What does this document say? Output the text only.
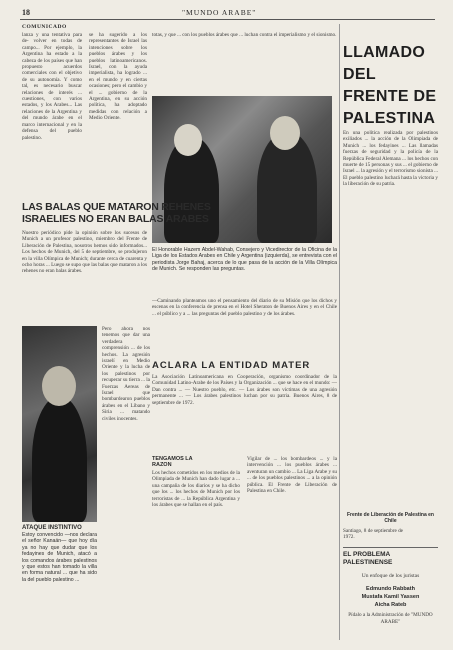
18	"MUNDO ARABE"
COMUNICADO
lanza y una tentativa para de- volver en todas de campo... Por ejemplo, la Argentina ha estado a la cabeza de los países que han propuesto acuerdos comerciales con el objetivo de su autonomía. Y como tal, es necesario buscar relaciones de interés ... cuestiones, con varios estados, y los Arabes... Las relaciones de la Argentina y del mundo árabe en el marco internacional y en la defensa del pueblo palestino.
se ha sugerido a los representantes de Israel las intenciones sobre los pueblos árabes y los pueblos latinoamericanos. Israel, con la ayuda imperialista, ha logrado ... en el mundo y en ciertas ocasiones; pero el cambio y el ... gobierno de la Argentina, en su acción política, ha adoptado medidas con relación a Medio Oriente.
totas, y que ... con los pueblos árabes que ... luchan contra el imperialismo y el sionismo.
El Honorable Hazem Abdel-Wahab, Consejero y Vicedirector de la Oficina de la Liga de los Estados Arabes en Chile y Argentina (izquierda), se entrevista con el periodista Jorge Bahaj, acerca de lo que pasa de la acción de la Villa Olímpica de Munich. Se responden las preguntas.
—Caminando planteamos uno el pensamiento del diario de su Misión que los dichos y escenas en la conferencia de prensa en el Hotel Sheraton de Buenos Aires y en el Chile ... el público y a ... las preguntas del pueblo palestino y de los árabes.
LAS BALAS QUE MATARON REHENES ISRAELIES NO ERAN BALAS ARABES
Nuestro periódico pide la opinión sobre los sucesos de Munich a un profesor palestino, miembro del Frente de Liberación de Palestina, nosotros hemos sido informados... Los hechos de Munich, del 5 de septiembre, se produjeron en la villa Olímpica de Munich; durante cerca de cuarenta y ocho horas ... Luego se supo que las balas que mataron a los rehenes no eran balas árabes.
ATAQUE INSTINTIVO
Estoy convencido —nos declara el señor Kanaán— que hoy día ya no hay que dudar que los fedayines de Munich, atacó a los comandos árabes palestinos y que estos han tomado la villa en forma natural ... que ha sido la del pueblo palestino ...
Pero ahora nos tenemos que dar una verdadera comprensión ... de los hechos. La agresión israelí en Medio Oriente y la lucha de los palestinos por recuperar su tierra ... la Fuerzas Aereas de Israel que bombardearon pueblos árabes en el Líbano y Siria ... matando civiles inocentes.
ACLARA LA ENTIDAD MATER
La Asociación Latinoamericana en Cooperación, organismo coordinador de la Comunidad Latino-Arabe de los Países y la Organización ... que se hace en el mundo: — Dan contra ... — Nuestro pueblo, etc. — Los árabes son víctimas de una agresión permanente ... — Los árabes palestinos luchan por su patria. Buenos Aires, 8 de septiembre de 1972.
TENGAMOS LA RAZON
Los hechos cometidos en los medios de la Olimpiada de Munich han dado lugar a ... una campaña de los diarios y se ha dicho que los ... los hechos de Munich por los terroristas de ... la República Argentina y los árabes que se hallan en el país.
Vigilar de ... los bombardeos ... y la intervención ... los pueblos árabes ... aventuran un cambio ... La Liga Arabe y su ... de los pueblos palestinos ... a la opinión pública. El Frente de Liberación de Palestina en Chile.
LLAMADO DEL FRENTE DE PALESTINA
En una política realizada por palestinos exiliados ... la acción de la Olimpiada de Munich ... los fedayines ... Las llamadas fuerzas de seguridad y la policía de la República Federal Alemana ... los hechos con muerte de 15 personas y sus ... el gobierno de Israel ... la agresión y el terrorismo sionista ... El pueblo palestino luchará hasta la victoria y la liberación de su patria.
Frente de Liberación de Palestina en Chile
Santiago, 8 de septiembre de 1972.
EL PROBLEMA PALESTINENSE
Un enfoque de los juristas
Edmundo Rabbath
Mustafa Kamil Yassen
Aicha Rateb
Pídalo a la Administración de "MUNDO ARABE"
